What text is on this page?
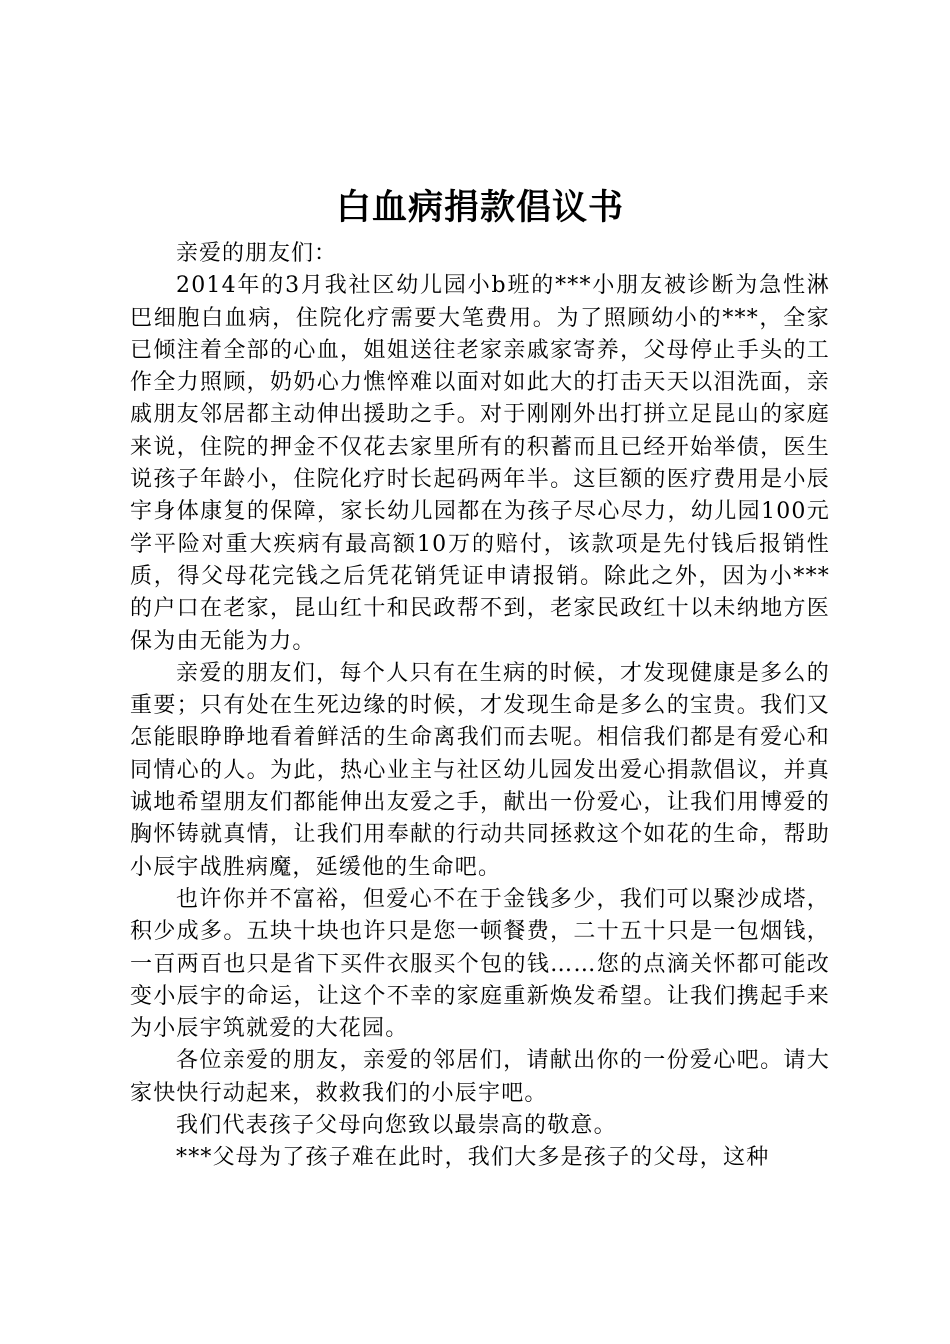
白血病捐款倡议书

亲爱的朋友们：

2014年的3月我社区幼儿园小b班的***小朋友被诊断为急性淋巴细胞白血病，住院化疗需要大笔费用。为了照顾幼小的***，全家已倾注着全部的心血，姐姐送往老家亲戚家寄养，父母停止手头的工作全力照顾，奶奶心力憔悴难以面对如此大的打击天天以泪洗面，亲戚朋友邻居都主动伸出援助之手。对于刚刚外出打拼立足昆山的家庭来说，住院的押金不仅花去家里所有的积蓄而且已经开始举债，医生说孩子年龄小，住院化疗时长起码两年半。这巨额的医疗费用是小辰宇身体康复的保障，家长幼儿园都在为孩子尽心尽力，幼儿园100元学平险对重大疾病有最高额10万的赔付，该款项是先付钱后报销性质，得父母花完钱之后凭花销凭证申请报销。除此之外，因为小***的户口在老家，昆山红十和民政帮不到，老家民政红十以未纳地方医保为由无能为力。

亲爱的朋友们，每个人只有在生病的时候，才发现健康是多么的重要；只有处在生死边缘的时候，才发现生命是多么的宝贵。我们又怎能眼睁睁地看着鲜活的生命离我们而去呢。相信我们都是有爱心和同情心的人。为此，热心业主与社区幼儿园发出爱心捐款倡议，并真诚地希望朋友们都能伸出友爱之手，献出一份爱心，让我们用博爱的胸怀铸就真情，让我们用奉献的行动共同拯救这个如花的生命，帮助小辰宇战胜病魔，延缓他的生命吧。

也许你并不富裕，但爱心不在于金钱多少，我们可以聚沙成塔，积少成多。五块十块也许只是您一顿餐费，二十五十只是一包烟钱，一百两百也只是省下买件衣服买个包的钱……您的点滴关怀都可能改变小辰宇的命运，让这个不幸的家庭重新焕发希望。让我们携起手来为小辰宇筑就爱的大花园。

各位亲爱的朋友，亲爱的邻居们，请献出你的一份爱心吧。请大家快快行动起来，救救我们的小辰宇吧。

我们代表孩子父母向您致以最崇高的敬意。

***父母为了孩子难在此时，我们大多是孩子的父母，这种
